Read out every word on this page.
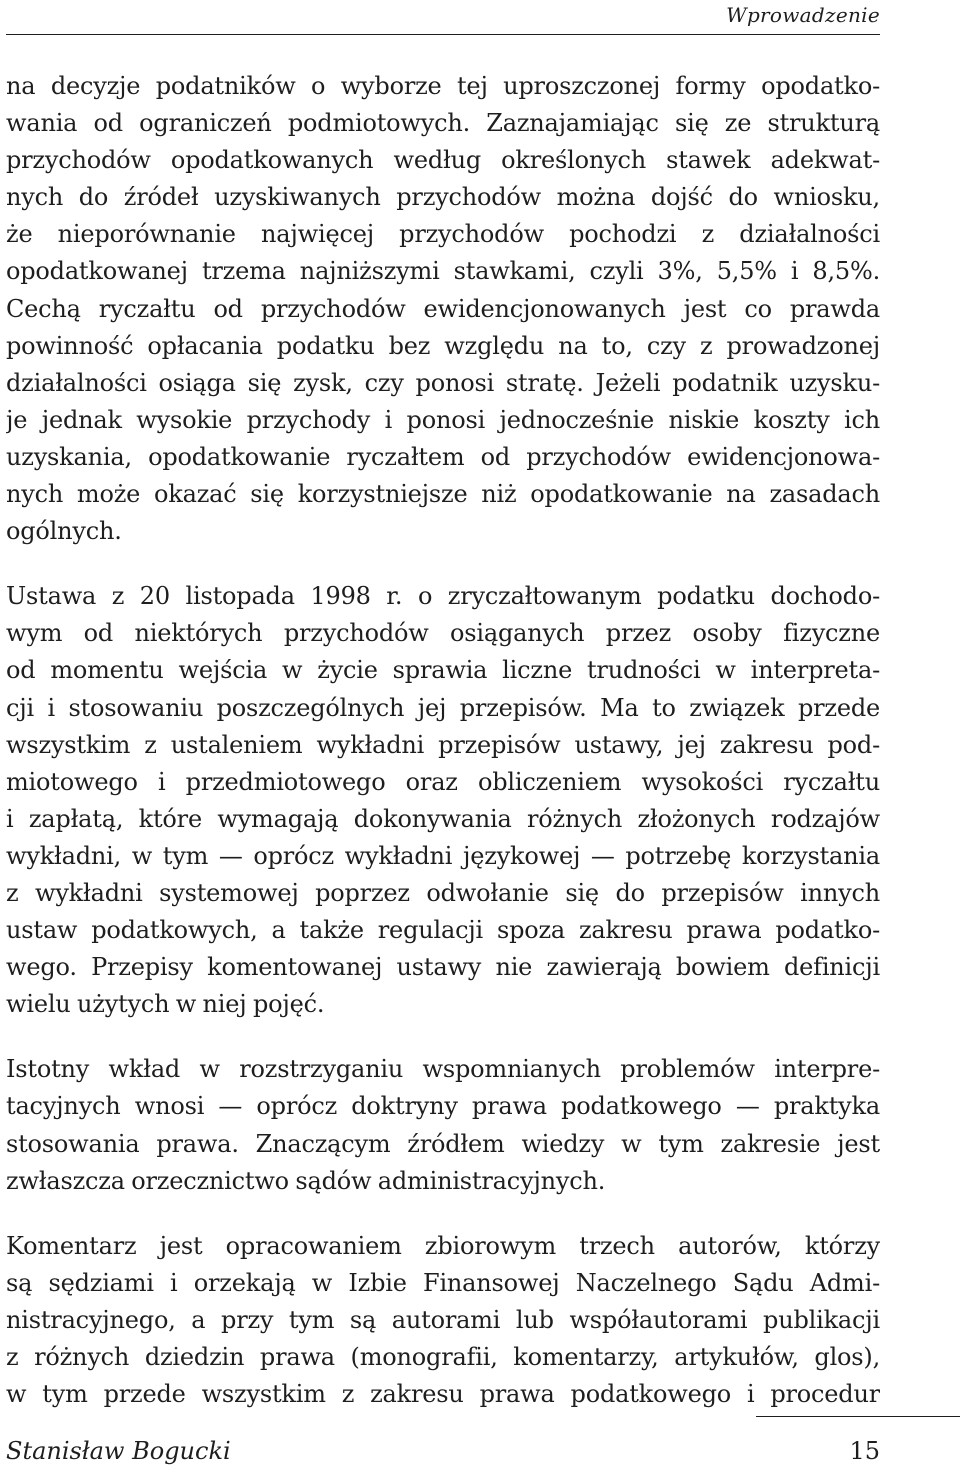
Wprowadzenie
na decyzje podatników o wyborze tej uproszczonej formy opodatko-
wania od ograniczeń podmiotowych. Zaznajamiając się ze strukturą
przychodów opodatkowanych według określonych stawek adekwat-
nych do źródeł uzyskiwanych przychodów można dojść do wniosku,
że nieporównanie najwięcej przychodów pochodzi z działalności
opodatkowanej trzema najniższymi stawkami, czyli 3%, 5,5% i 8,5%.
Cechą ryczałtu od przychodów ewidencjonowanych jest co prawda
powinność opłacania podatku bez względu na to, czy z prowadzonej
działalności osiąga się zysk, czy ponosi stratę. Jeżeli podatnik uzysku-
je jednak wysokie przychody i ponosi jednocześnie niskie koszty ich
uzyskania, opodatkowanie ryczałtem od przychodów ewidencjonowa-
nych może okazać się korzystniejsze niż opodatkowanie na zasadach
ogólnych.
Ustawa z 20 listopada 1998 r. o zryczałtowanym podatku dochodo-
wym od niektórych przychodów osiąganych przez osoby fizyczne
od momentu wejścia w życie sprawia liczne trudności w interpreta-
cji i stosowaniu poszczególnych jej przepisów. Ma to związek przede
wszystkim z ustaleniem wykładni przepisów ustawy, jej zakresu pod-
miotowego i przedmiotowego oraz obliczeniem wysokości ryczałtu
i zapłatą, które wymagają dokonywania różnych złożonych rodzajów
wykładni, w tym — oprócz wykładni językowej — potrzebę korzystania
z wykładni systemowej poprzez odwołanie się do przepisów innych
ustaw podatkowych, a także regulacji spoza zakresu prawa podatko-
wego. Przepisy komentowanej ustawy nie zawierają bowiem definicji
wielu użytych w niej pojęć.
Istotny wkład w rozstrzyganiu wspomnianych problemów interpre-
tacyjnych wnosi — oprócz doktryny prawa podatkowego — praktyka
stosowania prawa. Znaczącym źródłem wiedzy w tym zakresie jest
zwłaszcza orzecznictwo sądów administracyjnych.
Komentarz jest opracowaniem zbiorowym trzech autorów, którzy
są sędziami i orzekają w Izbie Finansowej Naczelnego Sądu Admi-
nistracyjnego, a przy tym są autorami lub współautorami publikacji
z różnych dziedzin prawa (monografii, komentarzy, artykułów, glos),
w tym przede wszystkim z zakresu prawa podatkowego i procedur
Stanisław Bogucki	15
